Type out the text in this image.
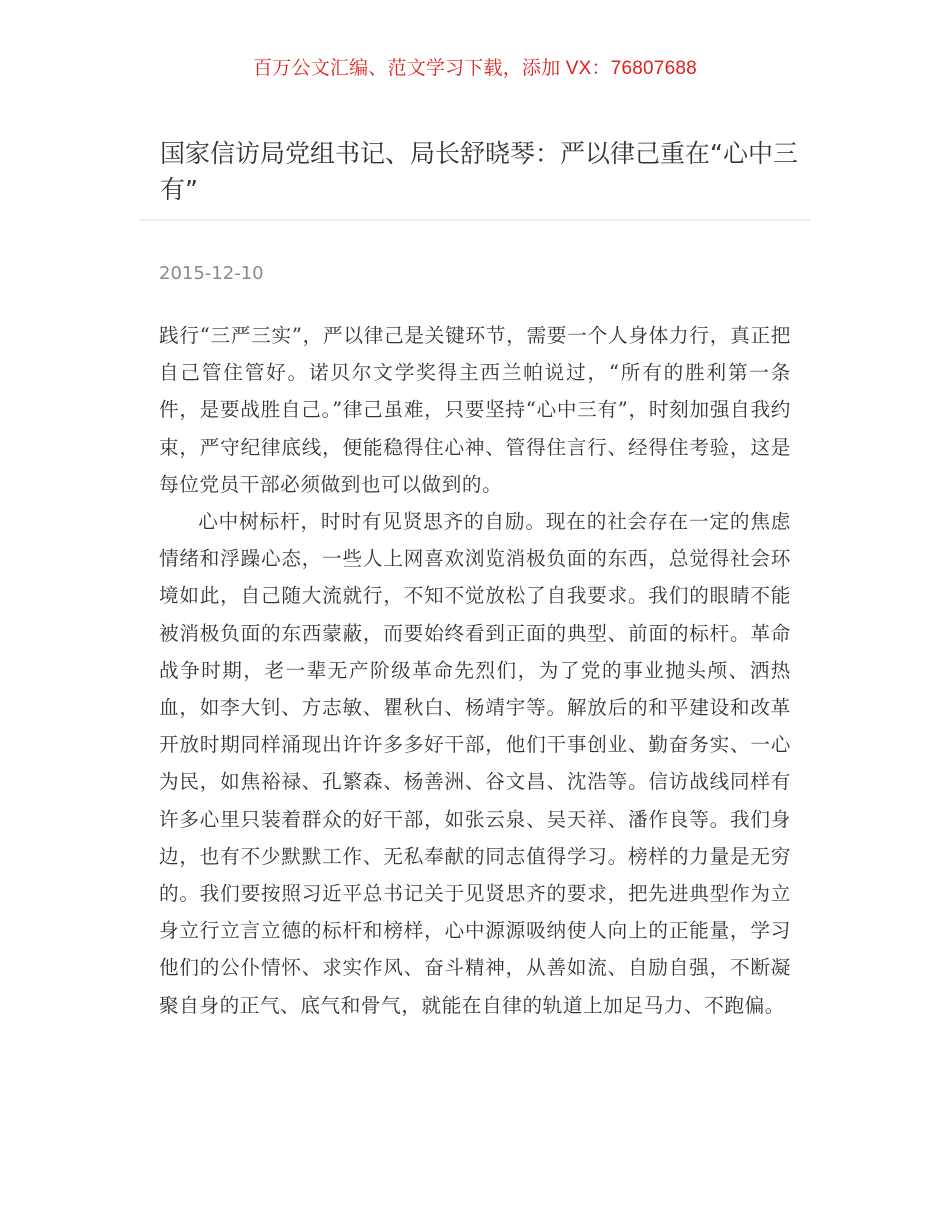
百万公文汇编、范文学习下载，添加 VX：76807688
国家信访局党组书记、局长舒晓琴：严以律己重在“心中三有”
2015-12-10

践行“三严三实”，严以律己是关键环节，需要一个人身体力行，真正把自己管住管好。诺贝尔文学奖得主西兰帕说过，“所有的胜利第一条件，是要战胜自己。”律己虽难，只要坚持“心中三有”，时刻加强自我约束，严守纪律底线，便能稳得住心神、管得住言行、经得住考验，这是每位党员干部必须做到也可以做到的。

心中树标杆，时时有见贤思齐的自励。现在的社会存在一定的焦虑情绪和浮躁心态，一些人上网喜欢浏览消极负面的东西，总觉得社会环境如此，自己随大流就行，不知不觉放松了自我要求。我们的眼睛不能被消极负面的东西蒙蔽，而要始终看到正面的典型、前面的标杆。革命战争时期，老一辈无产阶级革命先烈们，为了党的事业抛头颅、洒热血，如李大钊、方志敏、瞿秋白、杨靖宇等。解放后的和平建设和改革开放时期同样涌现出许许多多好干部，他们干事创业、勤奋务实、一心为民，如焦裕禄、孔繁森、杨善洲、谷文昌、沈浩等。信访战线同样有许多心里只装着群众的好干部，如张云泉、吴天祥、潘作良等。我们身边，也有不少默默工作、无私奉献的同志值得学习。榜样的力量是无穷的。我们要按照习近平总书记关于见贤思齐的要求，把先进典型作为立身立行立言立德的标杆和榜样，心中源源吸纳使人向上的正能量，学习他们的公仆情怀、求实作风、奋斗精神，从善如流、自励自强，不断凝聚自身的正气、底气和骨气，就能在自律的轨道上加足马力、不跑偏。
